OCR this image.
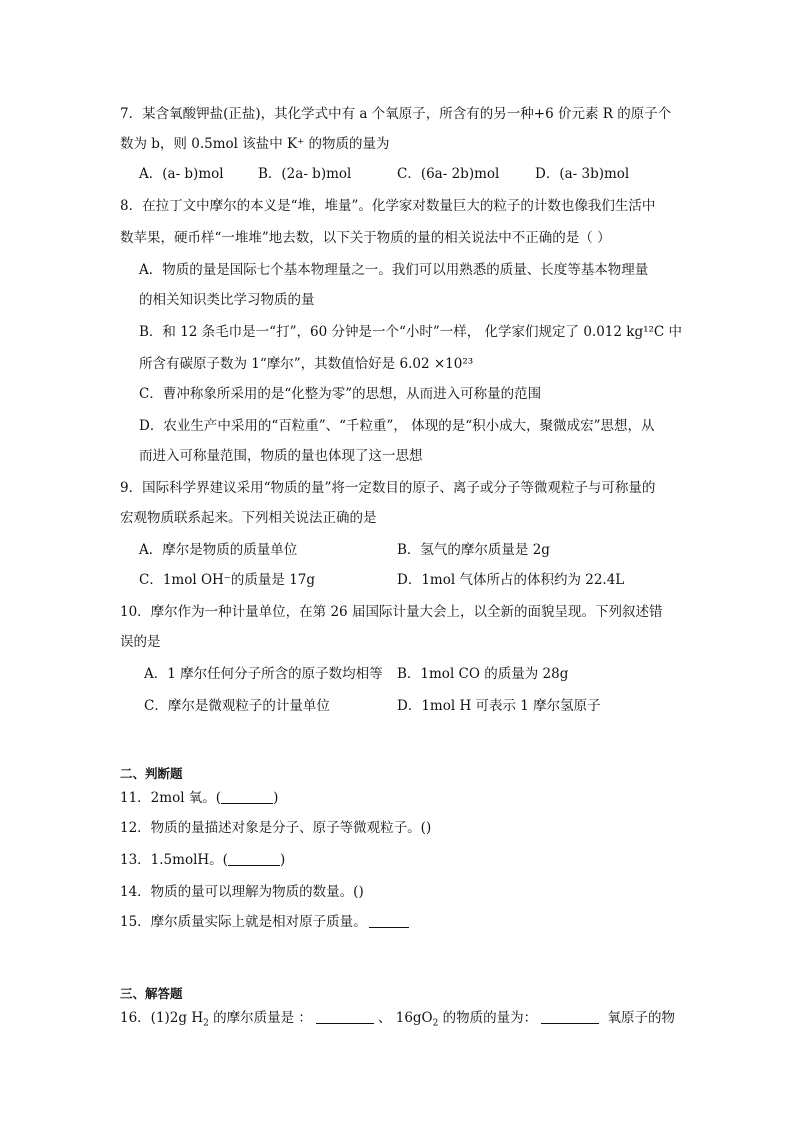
7．某含氧酸钾盐(正盐)，其化学式中有 a 个氧原子，所含有的另一种+6 价元素 R 的原子个
数为 b，则 0.5mol 该盐中 K⁺ 的物质的量为
A．(a- b)mol	B．(2a- b)mol	C．(6a- 2b)mol	D．(a- 3b)mol
8．在拉丁文中摩尔的本义是“堆，堆量”。化学家对数量巨大的粒子的计数也像我们生活中
数苹果，硬币样“一堆堆”地去数，以下关于物质的量的相关说法中不正确的是（ ）
A．物质的量是国际七个基本物理量之一。我们可以用熟悉的质量、长度等基本物理量
的相关知识类比学习物质的量
B．和 12 条毛巾是一“打”，60 分钟是一个“小时”一样， 化学家们规定了 0.012 kg¹²C 中
所含有碳原子数为 1“摩尔”，其数值恰好是 6.02 ×10²³
C．曹冲称象所采用的是“化整为零”的思想，从而进入可称量的范围
D．农业生产中采用的“百粒重”、“千粒重”， 体现的是“积小成大，聚微成宏”思想，从
而进入可称量范围，物质的量也体现了这一思想
9．国际科学界建议采用“物质的量”将一定数目的原子、离子或分子等微观粒子与可称量的
宏观物质联系起来。下列相关说法正确的是
A．摩尔是物质的质量单位	B．氢气的摩尔质量是 2g
C．1mol OH⁻的质量是 17g	D．1mol 气体所占的体积约为 22.4L
10．摩尔作为一种计量单位，在第 26 届国际计量大会上，以全新的面貌呈现。下列叙述错
误的是
A．1 摩尔任何分子所含的原子数均相等 B．1mol CO 的质量为 28g
C．摩尔是微观粒子的计量单位	D．1mol H 可表示 1 摩尔氢原子
二、判断题
11．2mol 氧。(	)
12．物质的量描述对象是分子、原子等微观粒子。()
13．1.5molH。(	)
14．物质的量可以理解为物质的数量。()
15．摩尔质量实际上就是相对原子质量。
三、解答题
16．(1)2g $H_2$ 的摩尔质量是 ：	、 $16gO_2$ 的物质的量为：	氧原子的物
